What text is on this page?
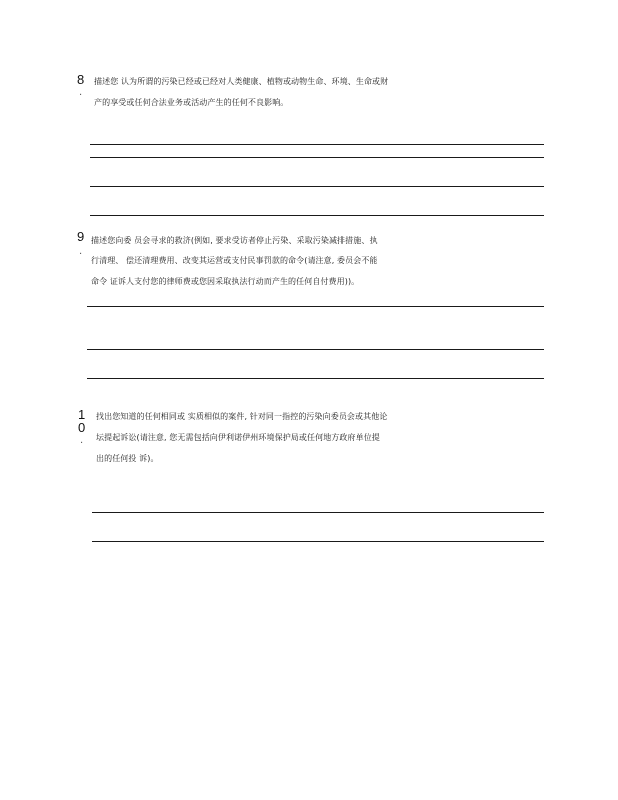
8
.
描述您 认为所谓的污染已经或已经对人类健康、植物或动物生命、环境、生命或财
产的享受或任何合法业务或活动产生的任何不良影响。
9
.
描述您向委 员会寻求的救济(例如, 要求受访者停止污染、采取污染减排措施、执
行清理、 偿还清理费用、改变其运营或支付民事罚款的命令(请注意, 委员会不能
命令 证诉人支付您的律师费或您因采取执法行动而产生的任何自付费用))。
1
0
.
找出您知道的任何相同或 实质相似的案件, 针对同一指控的污染向委员会或其他论
坛提起诉讼(请注意, 您无需包括向伊利诺伊州环境保护局或任何地方政府单位提
出的任何投 诉)。
